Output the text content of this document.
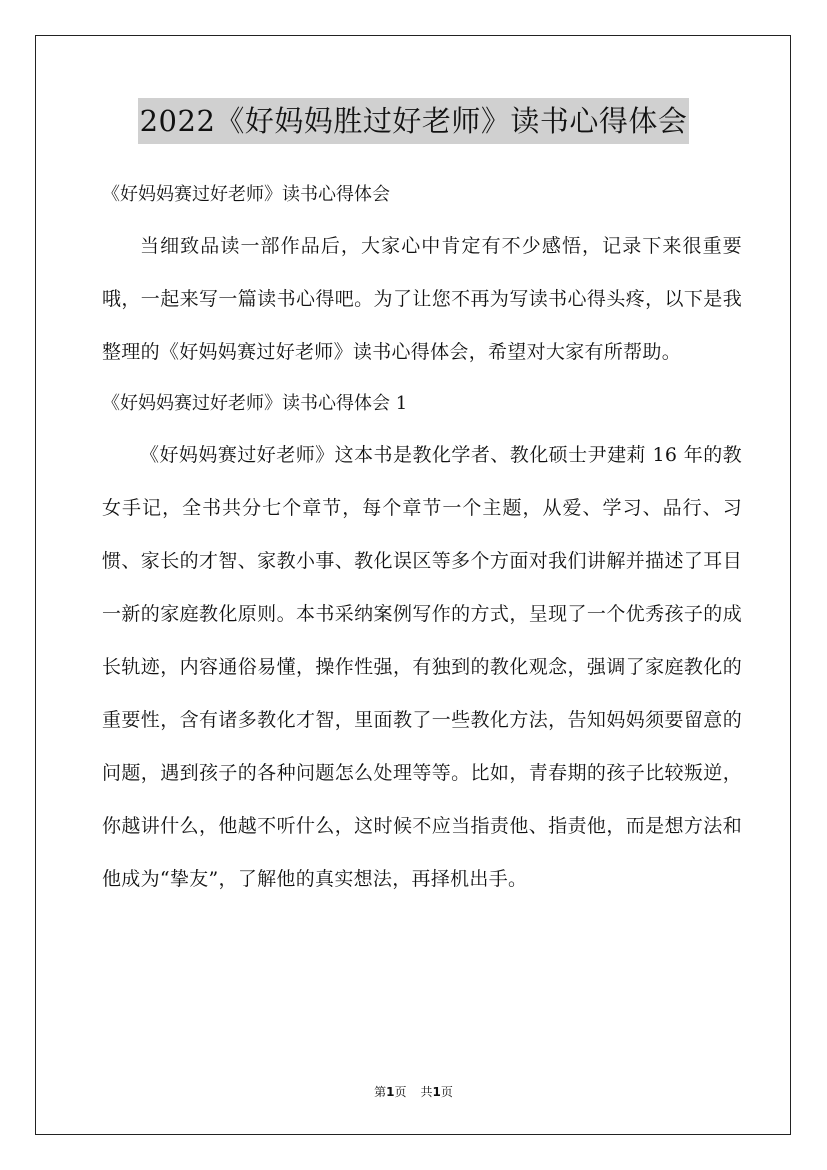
2022《好妈妈胜过好老师》读书心得体会

《好妈妈赛过好老师》读书心得体会

当细致品读一部作品后，大家心中肯定有不少感悟，记录下来很重要哦，一起来写一篇读书心得吧。为了让您不再为写读书心得头疼，以下是我整理的《好妈妈赛过好老师》读书心得体会，希望对大家有所帮助。

《好妈妈赛过好老师》读书心得体会 1

《好妈妈赛过好老师》这本书是教化学者、教化硕士尹建莉 16 年的教女手记，全书共分七个章节，每个章节一个主题，从爱、学习、品行、习惯、家长的才智、家教小事、教化误区等多个方面对我们讲解并描述了耳目一新的家庭教化原则。本书采纳案例写作的方式，呈现了一个优秀孩子的成长轨迹，内容通俗易懂，操作性强，有独到的教化观念，强调了家庭教化的重要性，含有诸多教化才智，里面教了一些教化方法，告知妈妈须要留意的问题，遇到孩子的各种问题怎么处理等等。比如，青春期的孩子比较叛逆，你越讲什么，他越不听什么，这时候不应当指责他、指责他，而是想方法和他成为“挚友”，了解他的真实想法，再择机出手。

第1页 共1页
